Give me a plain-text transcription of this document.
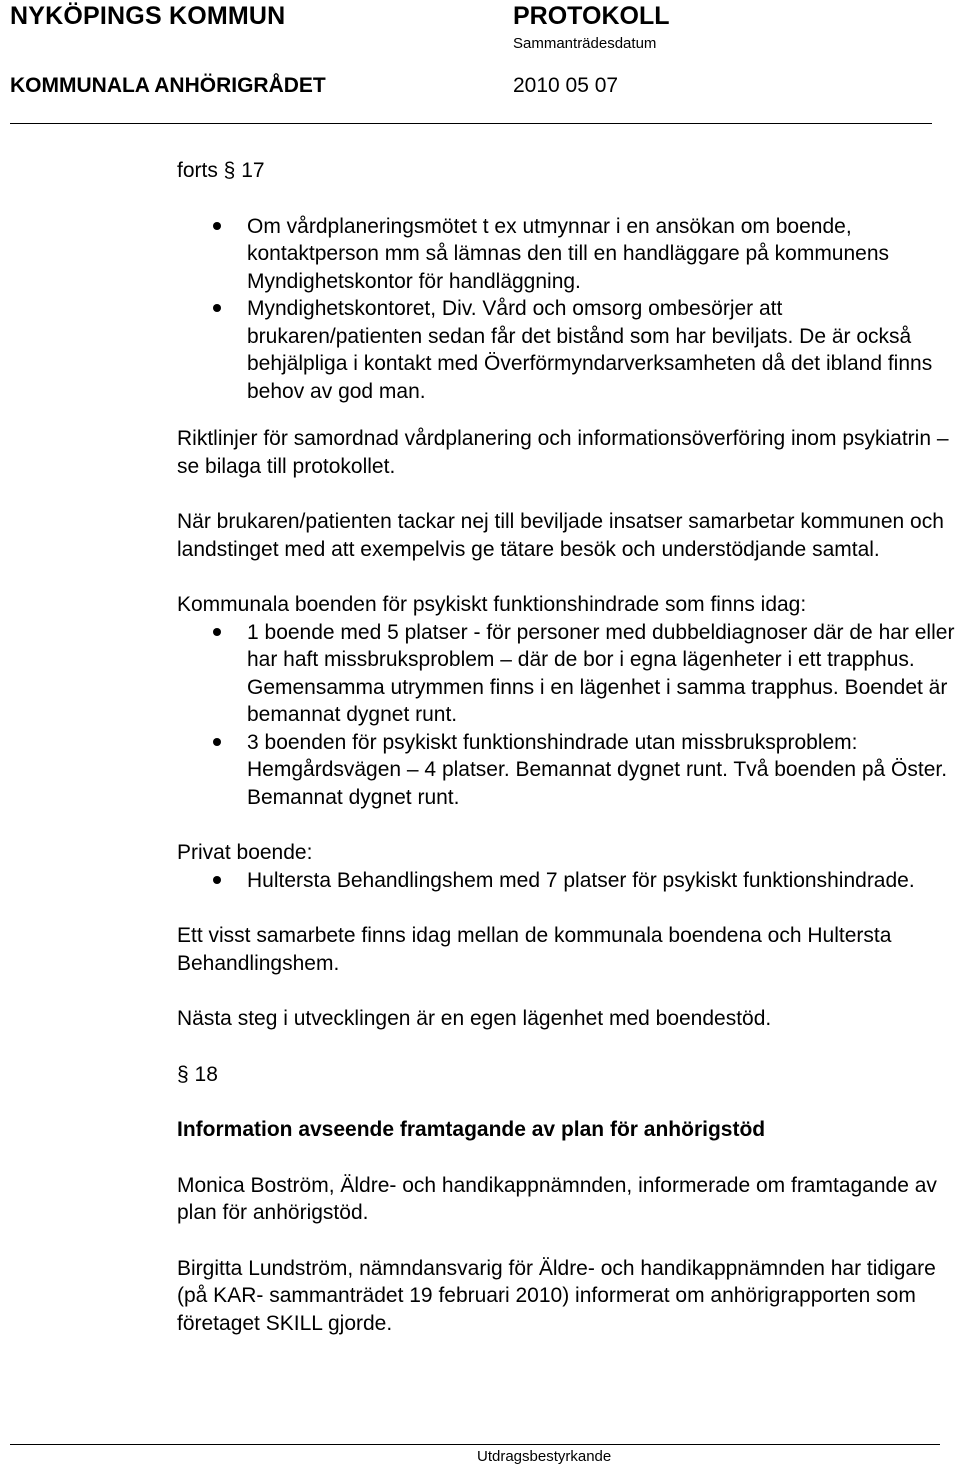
NYKÖPINGS KOMMUN	PROTOKOLL
Sammanträdesdatum
KOMMUNALA ANHÖRIGRÅDET	2010 05 07

forts § 17

Om vårdplaneringsmötet t ex utmynnar i en ansökan om boende, kontaktperson mm så lämnas den till en handläggare på kommunens Myndighetskontor för handläggning.
Myndighetskontoret, Div. Vård och omsorg ombesörjer att brukaren/patienten sedan får det bistånd som har beviljats. De är också behjälpliga i kontakt med Överförmyndarverksamheten då det ibland finns behov av god man.

Riktlinjer för samordnad vårdplanering och informationsöverföring inom psykiatrin – se bilaga till protokollet.

När brukaren/patienten tackar nej till beviljade insatser samarbetar kommunen och landstinget med att exempelvis ge tätare besök och understödjande samtal.

Kommunala boenden för psykiskt funktionshindrade som finns idag:

1 boende med 5 platser - för personer med dubbeldiagnoser där de har eller har haft missbruksproblem – där de bor i egna lägenheter i ett trapphus. Gemensamma utrymmen finns i en lägenhet i samma trapphus. Boendet är bemannat dygnet runt.
3 boenden för psykiskt funktionshindrade utan missbruksproblem: Hemgårdsvägen – 4 platser. Bemannat dygnet runt. Två boenden på Öster. Bemannat dygnet runt.

Privat boende:

Hultersta Behandlingshem med 7 platser för psykiskt funktionshindrade.

Ett visst samarbete finns idag mellan de kommunala boendena och Hultersta Behandlingshem.

Nästa steg i utvecklingen är en egen lägenhet med boendestöd.

§ 18

Information avseende framtagande av plan för anhörigstöd

Monica Boström, Äldre- och handikappnämnden, informerade om framtagande av plan för anhörigstöd.

Birgitta Lundström, nämndansvarig för Äldre- och handikappnämnden har tidigare (på KAR- sammanträdet 19 februari 2010) informerat om anhörigrapporten som företaget SKILL gjorde.

Utdragsbestyrkande
